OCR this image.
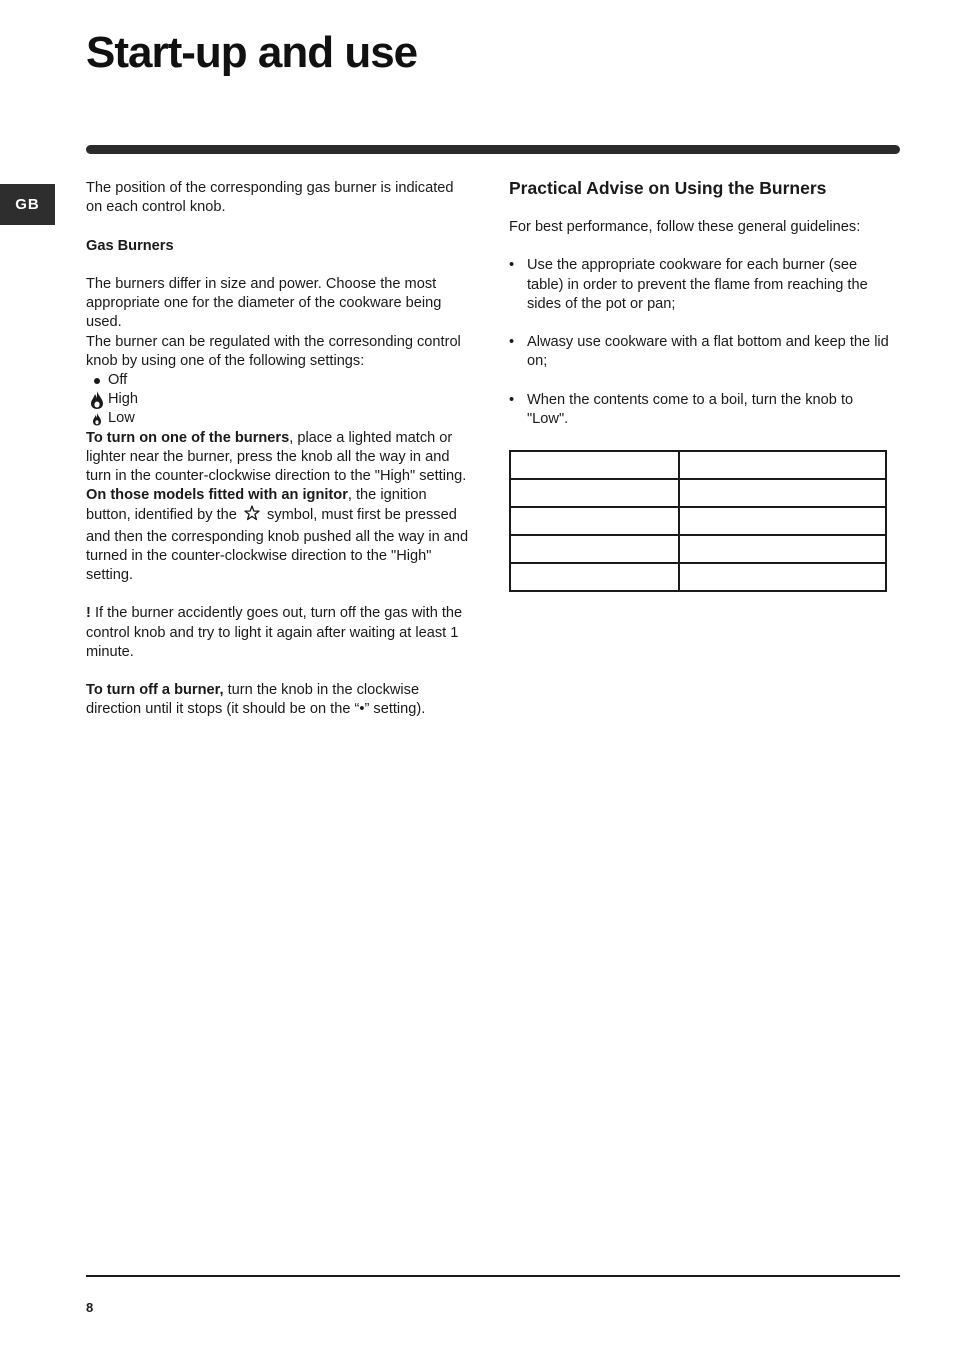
Start-up and use
GB

The position of the corresponding gas burner is indicated on each control knob.

Gas Burners

The burners differ in size and power. Choose the most appropriate one for the diameter of the cookware being used.

The burner can be regulated with the corresonding control knob by using one of the following settings:

Off
High
Low

To turn on one of the burners, place a lighted match or lighter near the burner, press the knob all the way in and turn in the counter-clockwise direction to the "High" setting.

On those models fitted with an ignitor, the ignition button, identified by the symbol, must first be pressed and then the corresponding knob pushed all the way in and turned in the counter-clockwise direction to the "High" setting.

! If the burner accidently goes out, turn off the gas with the control knob and try to light it again after waiting at least 1 minute.

To turn off a burner, turn the knob in the clockwise direction until it stops (it should be on the “•” setting).

Practical Advise on Using the Burners

For best performance, follow these general guidelines:

• Use the appropriate cookware for each burner (see table) in order to prevent the flame from reaching the sides of the pot or pan;
• Alwasy use cookware with a flat bottom and keep the lid on;
• When the contents come to a boil, turn the knob to "Low".

8
